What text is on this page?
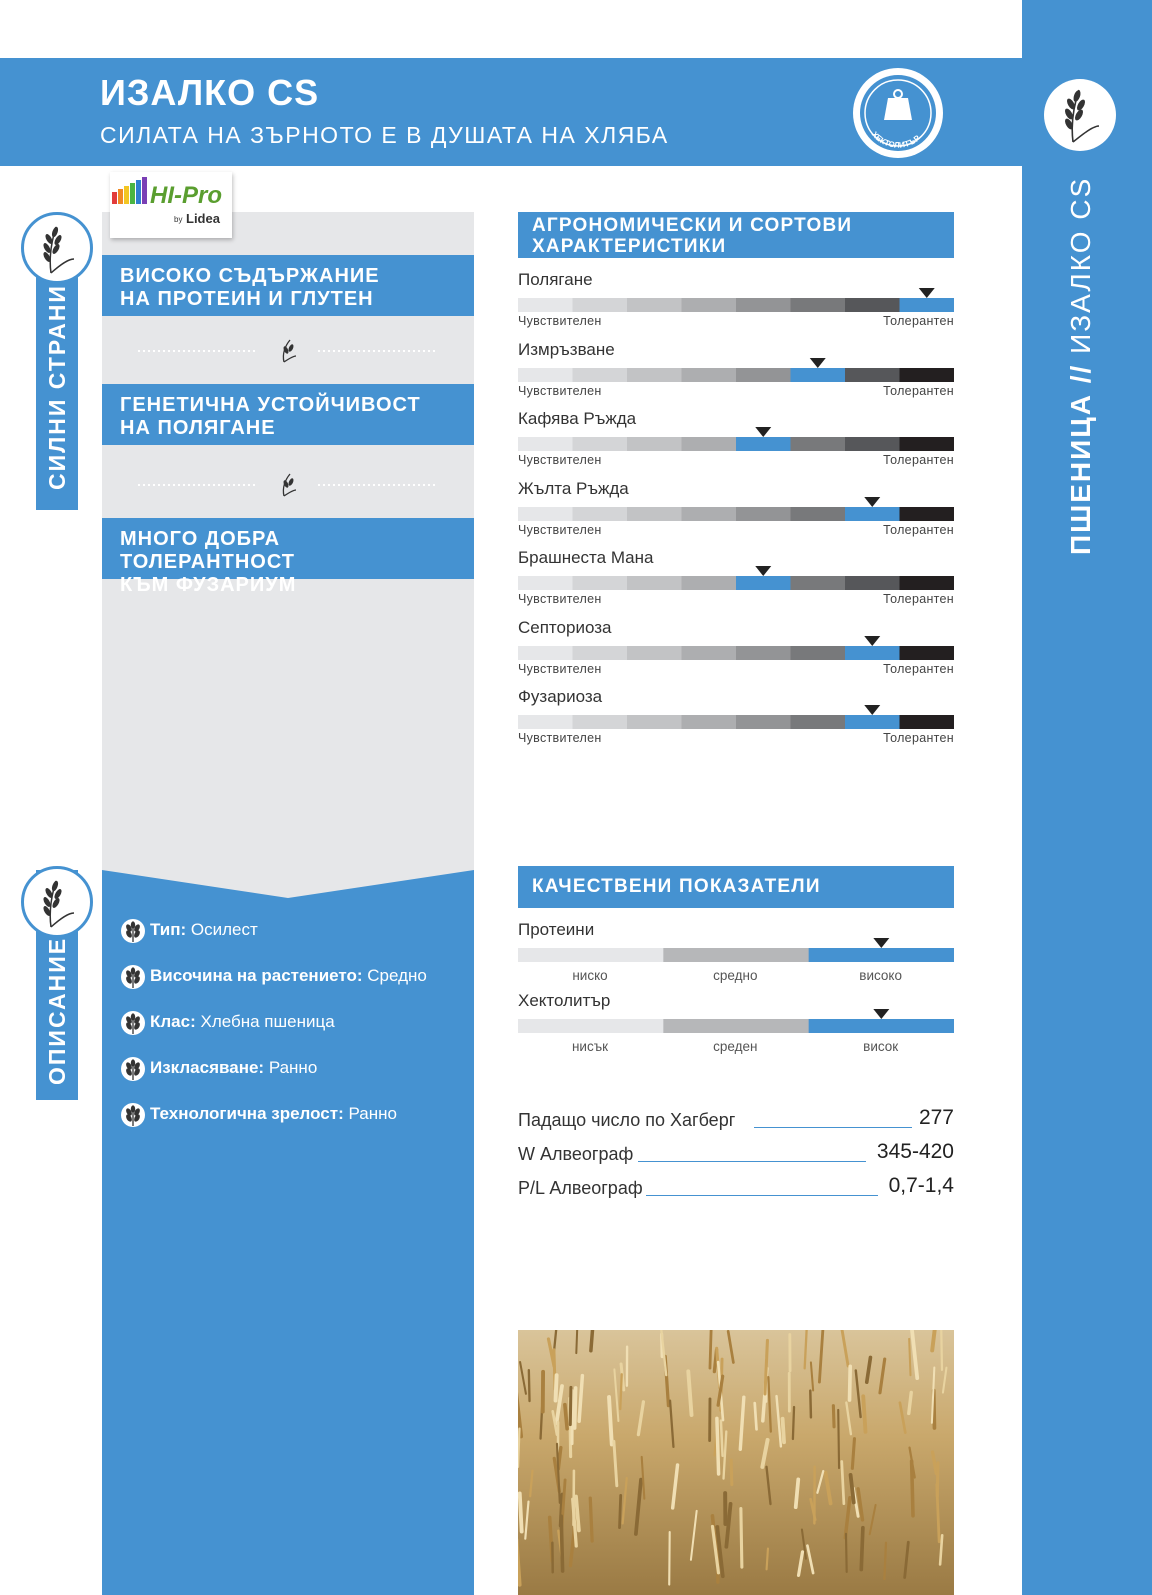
ИЗАЛКО CS
СИЛАТА НА ЗЪРНОТО Е В ДУШАТА НА ХЛЯБА	ХЕКТОЛИТЪР
ПШЕНИЦА // ИЗАЛКО CS
СИЛНИ СТРАНИ
ОПИСАНИЕ
HI-Pro
by Lidea
ВИСОКО СЪДЪРЖАНИЕ
НА ПРОТЕИН И ГЛУТЕН
ГЕНЕТИЧНА УСТОЙЧИВОСТ
НА ПОЛЯГАНЕ
МНОГО ДОБРА ТОЛЕРАНТНОСТ
КЪМ ФУЗАРИУМ
Тип: Осилест
Височина на растението: Средно
Клас: Хлебна пшеница
Изкласяване: Ранно
Технологична зрелост: Ранно
АГРОНОМИЧЕСКИ И СОРТОВИ
ХАРАКТЕРИСТИКИ
Полягане
Чувствителен	Толерантен
Измръзване
Чувствителен	Толерантен
Кафява Ръжда
Чувствителен	Толерантен
Жълта Ръжда
Чувствителен	Толерантен
Брашнеста Мана
Чувствителен	Толерантен
Септориоза
Чувствителен	Толерантен
Фузариоза
Чувствителен	Толерантен
КАЧЕСТВЕНИ ПОКАЗАТЕЛИ
Протеини
ниско	средно	високо
Хектолитър
нисък	среден	висок
Падащо число по Хагберг	277
W Алвеограф	345-420
P/L Алвеограф	0,7-1,4
